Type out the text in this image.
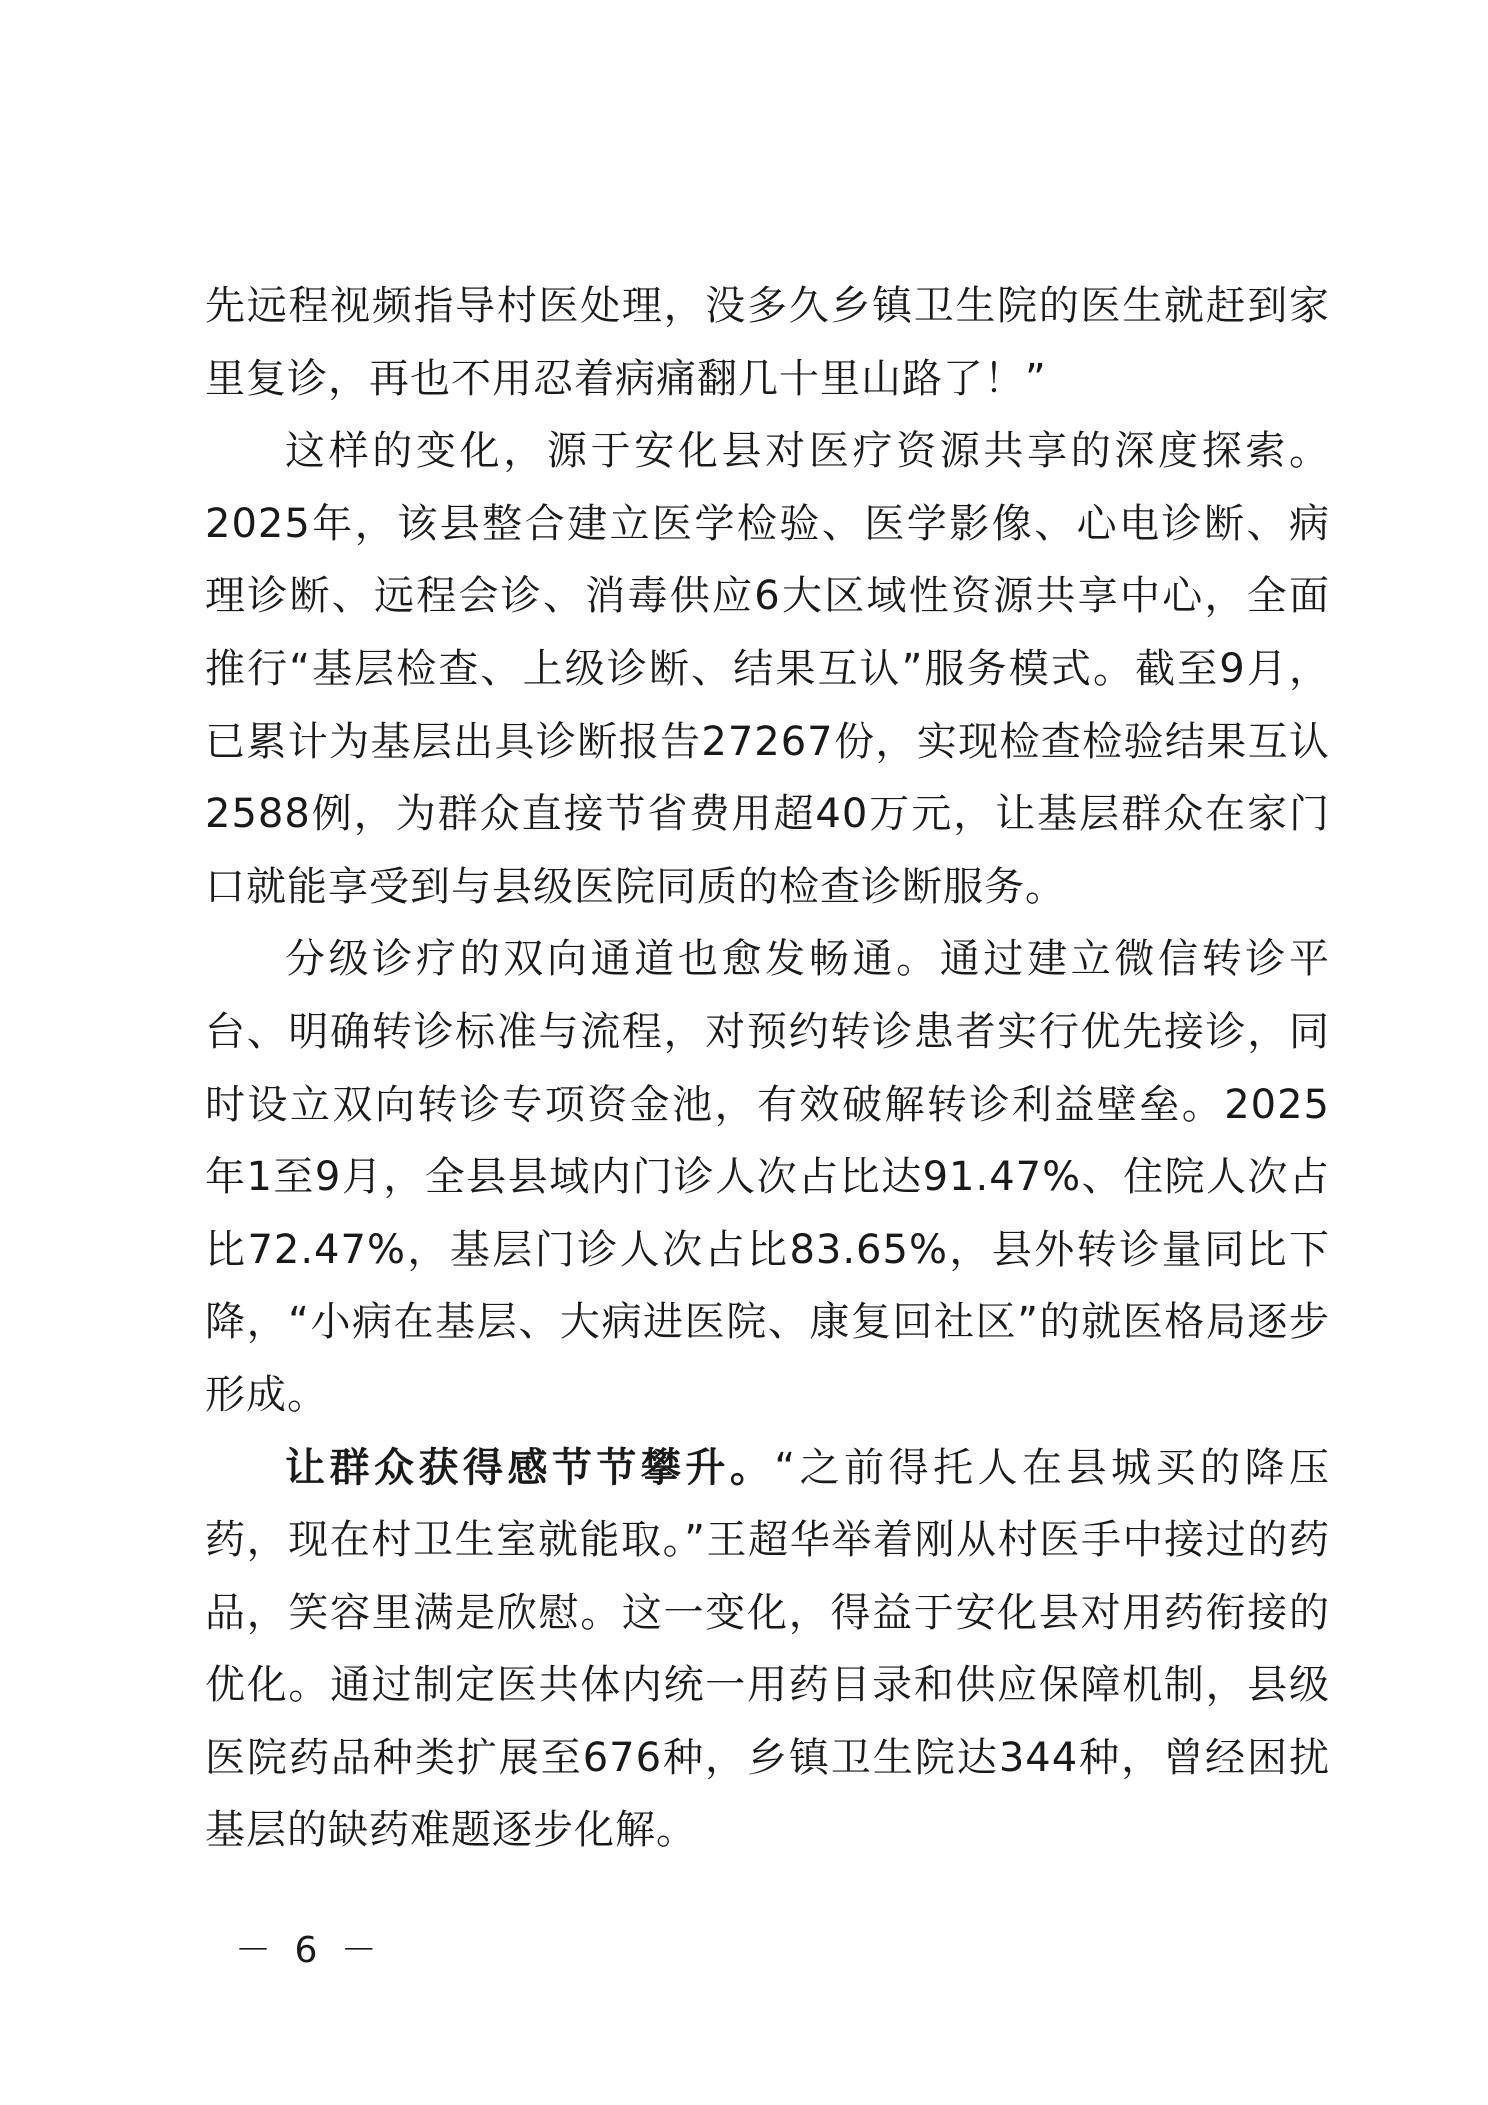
先远程视频指导村医处理，没多久乡镇卫生院的医生就赶到家里复诊，再也不用忍着病痛翻几十里山路了！”

这样的变化，源于安化县对医疗资源共享的深度探索。2025年，该县整合建立医学检验、医学影像、心电诊断、病理诊断、远程会诊、消毒供应6大区域性资源共享中心，全面推行“基层检查、上级诊断、结果互认”服务模式。截至9月，已累计为基层出具诊断报告27267份，实现检查检验结果互认2588例，为群众直接节省费用超40万元，让基层群众在家门口就能享受到与县级医院同质的检查诊断服务。

分级诊疗的双向通道也愈发畅通。通过建立微信转诊平台、明确转诊标准与流程，对预约转诊患者实行优先接诊，同时设立双向转诊专项资金池，有效破解转诊利益壁垒。2025年1至9月，全县县域内门诊人次占比达91.47%、住院人次占比72.47%，基层门诊人次占比83.65%，县外转诊量同比下降，“小病在基层、大病进医院、康复回社区”的就医格局逐步形成。

让群众获得感节节攀升。“之前得托人在县城买的降压药，现在村卫生室就能取。”王超华举着刚从村医手中接过的药品，笑容里满是欣慰。这一变化，得益于安化县对用药衔接的优化。通过制定医共体内统一用药目录和供应保障机制，县级医院药品种类扩展至676种，乡镇卫生院达344种，曾经困扰基层的缺药难题逐步化解。

－ 6 －
